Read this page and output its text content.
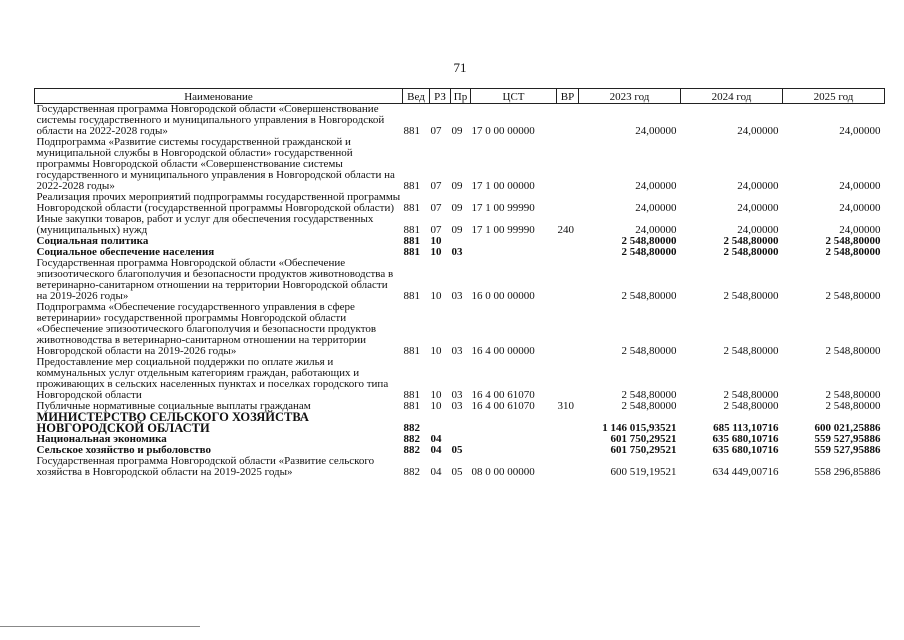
71
Наименование	Вед	РЗ	Пр	ЦСТ	ВР	2023 год	2024 год	2025 год
Государственная программа Новгородской области «Совершенствование системы государственного и муниципального управления в Новгородской области на 2022-2028 годы»	881	07	09	17 0 00 00000		24,00000	24,00000	24,00000
Подпрограмма «Развитие системы государственной гражданской и муниципальной службы в Новгородской области» государственной программы Новгородской области «Совершенствование системы государственного и муниципального управления в Новгородской области на 2022-2028 годы»	881	07	09	17 1 00 00000		24,00000	24,00000	24,00000
Реализация прочих мероприятий подпрограммы государственной программы Новгородской области (государственной программы Новгородской области)	881	07	09	17 1 00 99990		24,00000	24,00000	24,00000
Иные закупки товаров, работ и услуг для обеспечения государственных (муниципальных) нужд	881	07	09	17 1 00 99990	240	24,00000	24,00000	24,00000
Социальная политика	881	10				2 548,80000	2 548,80000	2 548,80000
Социальное обеспечение населения	881	10	03			2 548,80000	2 548,80000	2 548,80000
Государственная программа Новгородской области «Обеспечение эпизоотического благополучия и безопасности продуктов животноводства в ветеринарно-санитарном отношении на территории Новгородской области на 2019-2026 годы»	881	10	03	16 0 00 00000		2 548,80000	2 548,80000	2 548,80000
Подпрограмма «Обеспечение государственного управления в сфере ветеринарии» государственной программы Новгородской области «Обеспечение эпизоотического благополучия и безопасности продуктов животноводства в ветеринарно-санитарном отношении на территории Новгородской области на 2019-2026 годы»	881	10	03	16 4 00 00000		2 548,80000	2 548,80000	2 548,80000
Предоставление мер социальной поддержки по оплате жилья и коммунальных услуг отдельным категориям граждан, работающих и проживающих в сельских населенных пунктах и поселках городского типа Новгородской области	881	10	03	16 4 00 61070		2 548,80000	2 548,80000	2 548,80000
Публичные нормативные социальные выплаты гражданам	881	10	03	16 4 00 61070	310	2 548,80000	2 548,80000	2 548,80000
МИНИСТЕРСТВО СЕЛЬСКОГО ХОЗЯЙСТВА НОВГОРОДСКОЙ ОБЛАСТИ	882					1 146 015,93521	685 113,10716	600 021,25886
Национальная экономика	882	04				601 750,29521	635 680,10716	559 527,95886
Сельское хозяйство и рыболовство	882	04	05			601 750,29521	635 680,10716	559 527,95886
Государственная программа Новгородской области «Развитие сельского хозяйства в Новгородской области на 2019-2025 годы»	882	04	05	08 0 00 00000		600 519,19521	634 449,00716	558 296,85886
